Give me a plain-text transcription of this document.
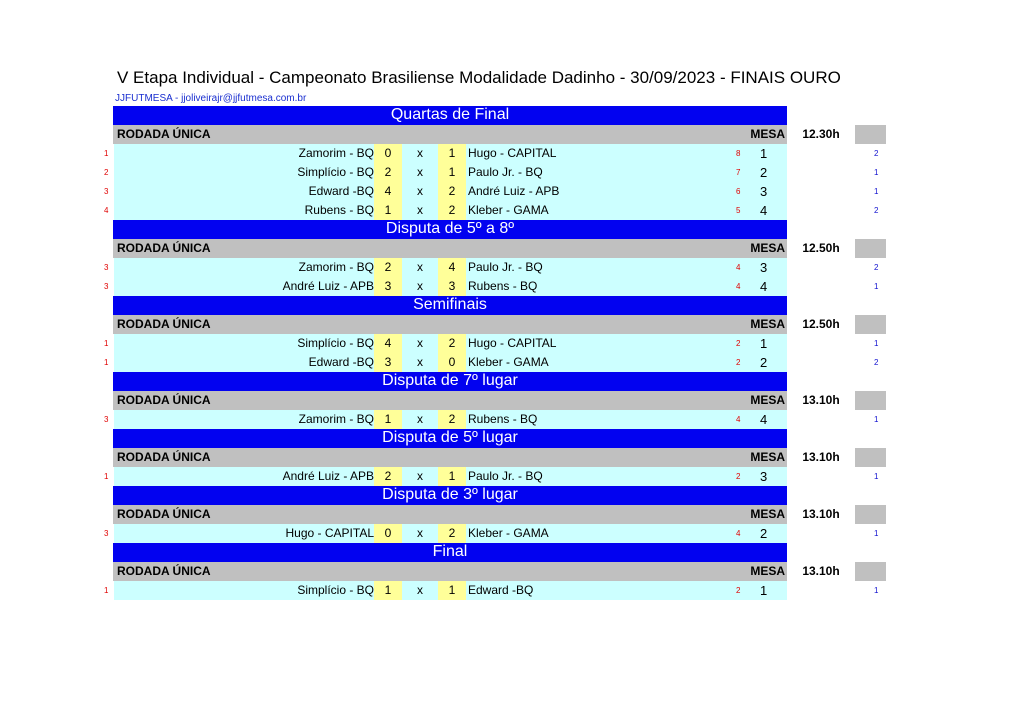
V Etapa Individual - Campeonato Brasiliense Modalidade Dadinho - 30/09/2023 - FINAIS OURO
JJFUTMESA - jjoliveirajr@jjfutmesa.com.br
Quartas de Final
RODADA ÚNICA	MESA	12.30h
1	Zamorim - BQ 0	x	1	Hugo - CAPITAL	8 1	2
2	Simplício - BQ 2	x	1	Paulo Jr. - BQ	7 2	1
3	Edward -BQ 4	x	2	André Luiz - APB	6 3	1
4	Rubens - BQ 1	x	2	Kleber - GAMA	5 4	2
Disputa de 5º a 8º
RODADA ÚNICA	MESA	12.50h
3	Zamorim - BQ 2	x	4	Paulo Jr. - BQ	4 3	2
3	André Luiz - APB 3	x	3	Rubens - BQ	4 4	1
Semifinais
RODADA ÚNICA	MESA	12.50h
1	Simplício - BQ 4	x	2	Hugo - CAPITAL	2 1	1
1	Edward -BQ 3	x	0	Kleber - GAMA	2 2	2
Disputa de 7º lugar
RODADA ÚNICA	MESA	13.10h
3	Zamorim - BQ 1	x	2	Rubens - BQ	4 4	1
Disputa de 5º lugar
RODADA ÚNICA	MESA	13.10h
1	André Luiz - APB 2	x	1	Paulo Jr. - BQ	2 3	1
Disputa de 3º lugar
RODADA ÚNICA	MESA	13.10h
3	Hugo - CAPITAL 0	x	2	Kleber - GAMA	4 2	1
Final
RODADA ÚNICA	MESA	13.10h
1	Simplício - BQ 1	x	1	Edward -BQ	2 1	1
